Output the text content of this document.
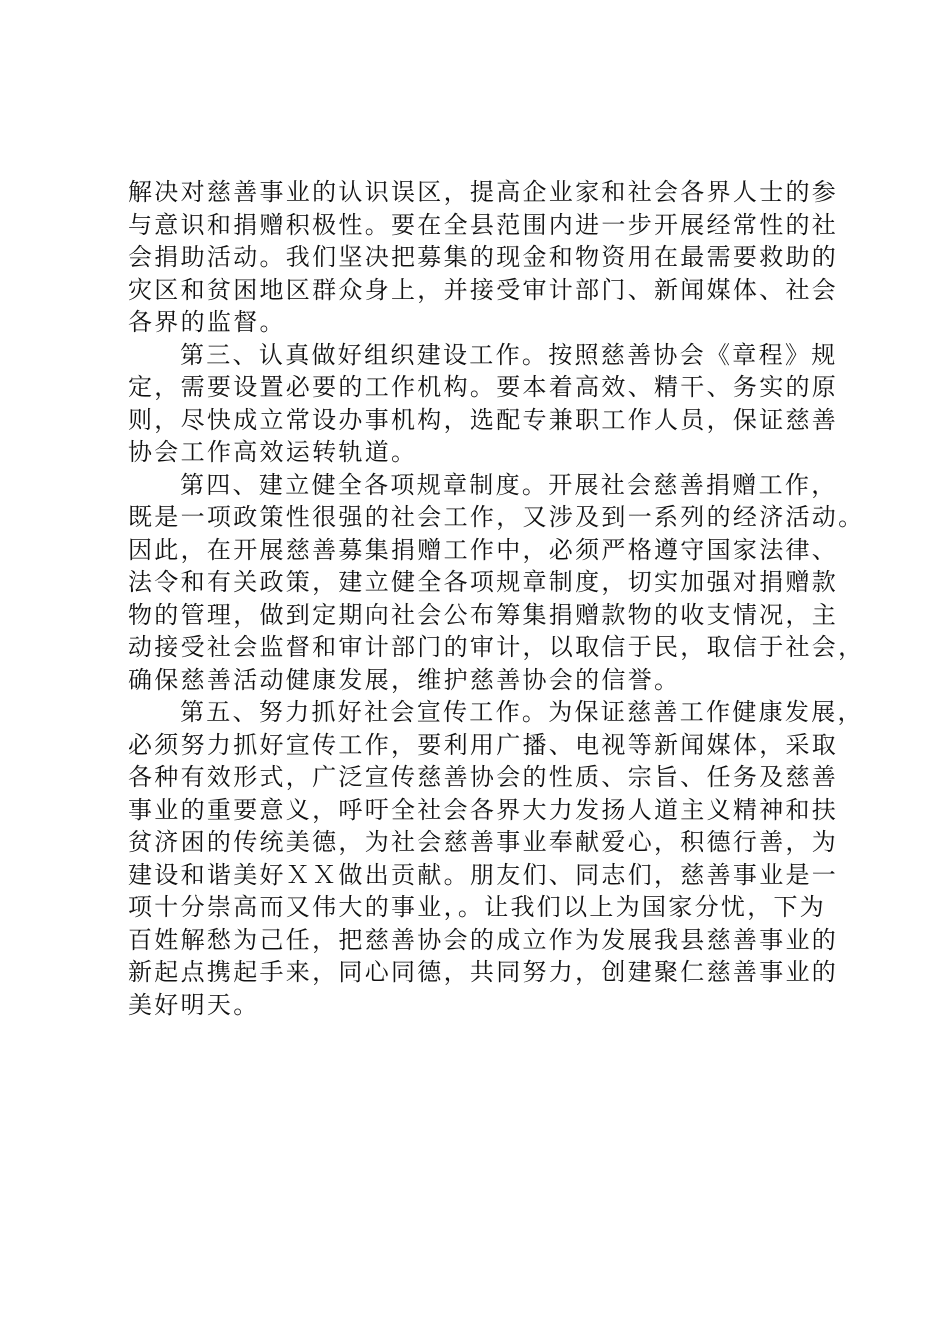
解决对慈善事业的认识误区，提高企业家和社会各界人士的参
与意识和捐赠积极性。要在全县范围内进一步开展经常性的社
会捐助活动。我们坚决把募集的现金和物资用在最需要救助的
灾区和贫困地区群众身上，并接受审计部门、新闻媒体、社会
各界的监督。
第三、认真做好组织建设工作。按照慈善协会《章程》规
定，需要设置必要的工作机构。要本着高效、精干、务实的原
则，尽快成立常设办事机构，选配专兼职工作人员，保证慈善
协会工作高效运转轨道。
第四、建立健全各项规章制度。开展社会慈善捐赠工作，
既是一项政策性很强的社会工作，又涉及到一系列的经济活动。
因此，在开展慈善募集捐赠工作中，必须严格遵守国家法律、
法令和有关政策，建立健全各项规章制度，切实加强对捐赠款
物的管理，做到定期向社会公布筹集捐赠款物的收支情况，主
动接受社会监督和审计部门的审计，以取信于民，取信于社会，
确保慈善活动健康发展，维护慈善协会的信誉。
第五、努力抓好社会宣传工作。为保证慈善工作健康发展，
必须努力抓好宣传工作，要利用广播、电视等新闻媒体，采取
各种有效形式，广泛宣传慈善协会的性质、宗旨、任务及慈善
事业的重要意义，呼吁全社会各界大力发扬人道主义精神和扶
贫济困的传统美德，为社会慈善事业奉献爱心，积德行善，为
建设和谐美好ＸＸ做出贡献。朋友们、同志们，慈善事业是一
项十分崇高而又伟大的事业，。让我们以上为国家分忧，下为
百姓解愁为己任，把慈善协会的成立作为发展我县慈善事业的
新起点携起手来，同心同德，共同努力，创建聚仁慈善事业的
美好明天。
